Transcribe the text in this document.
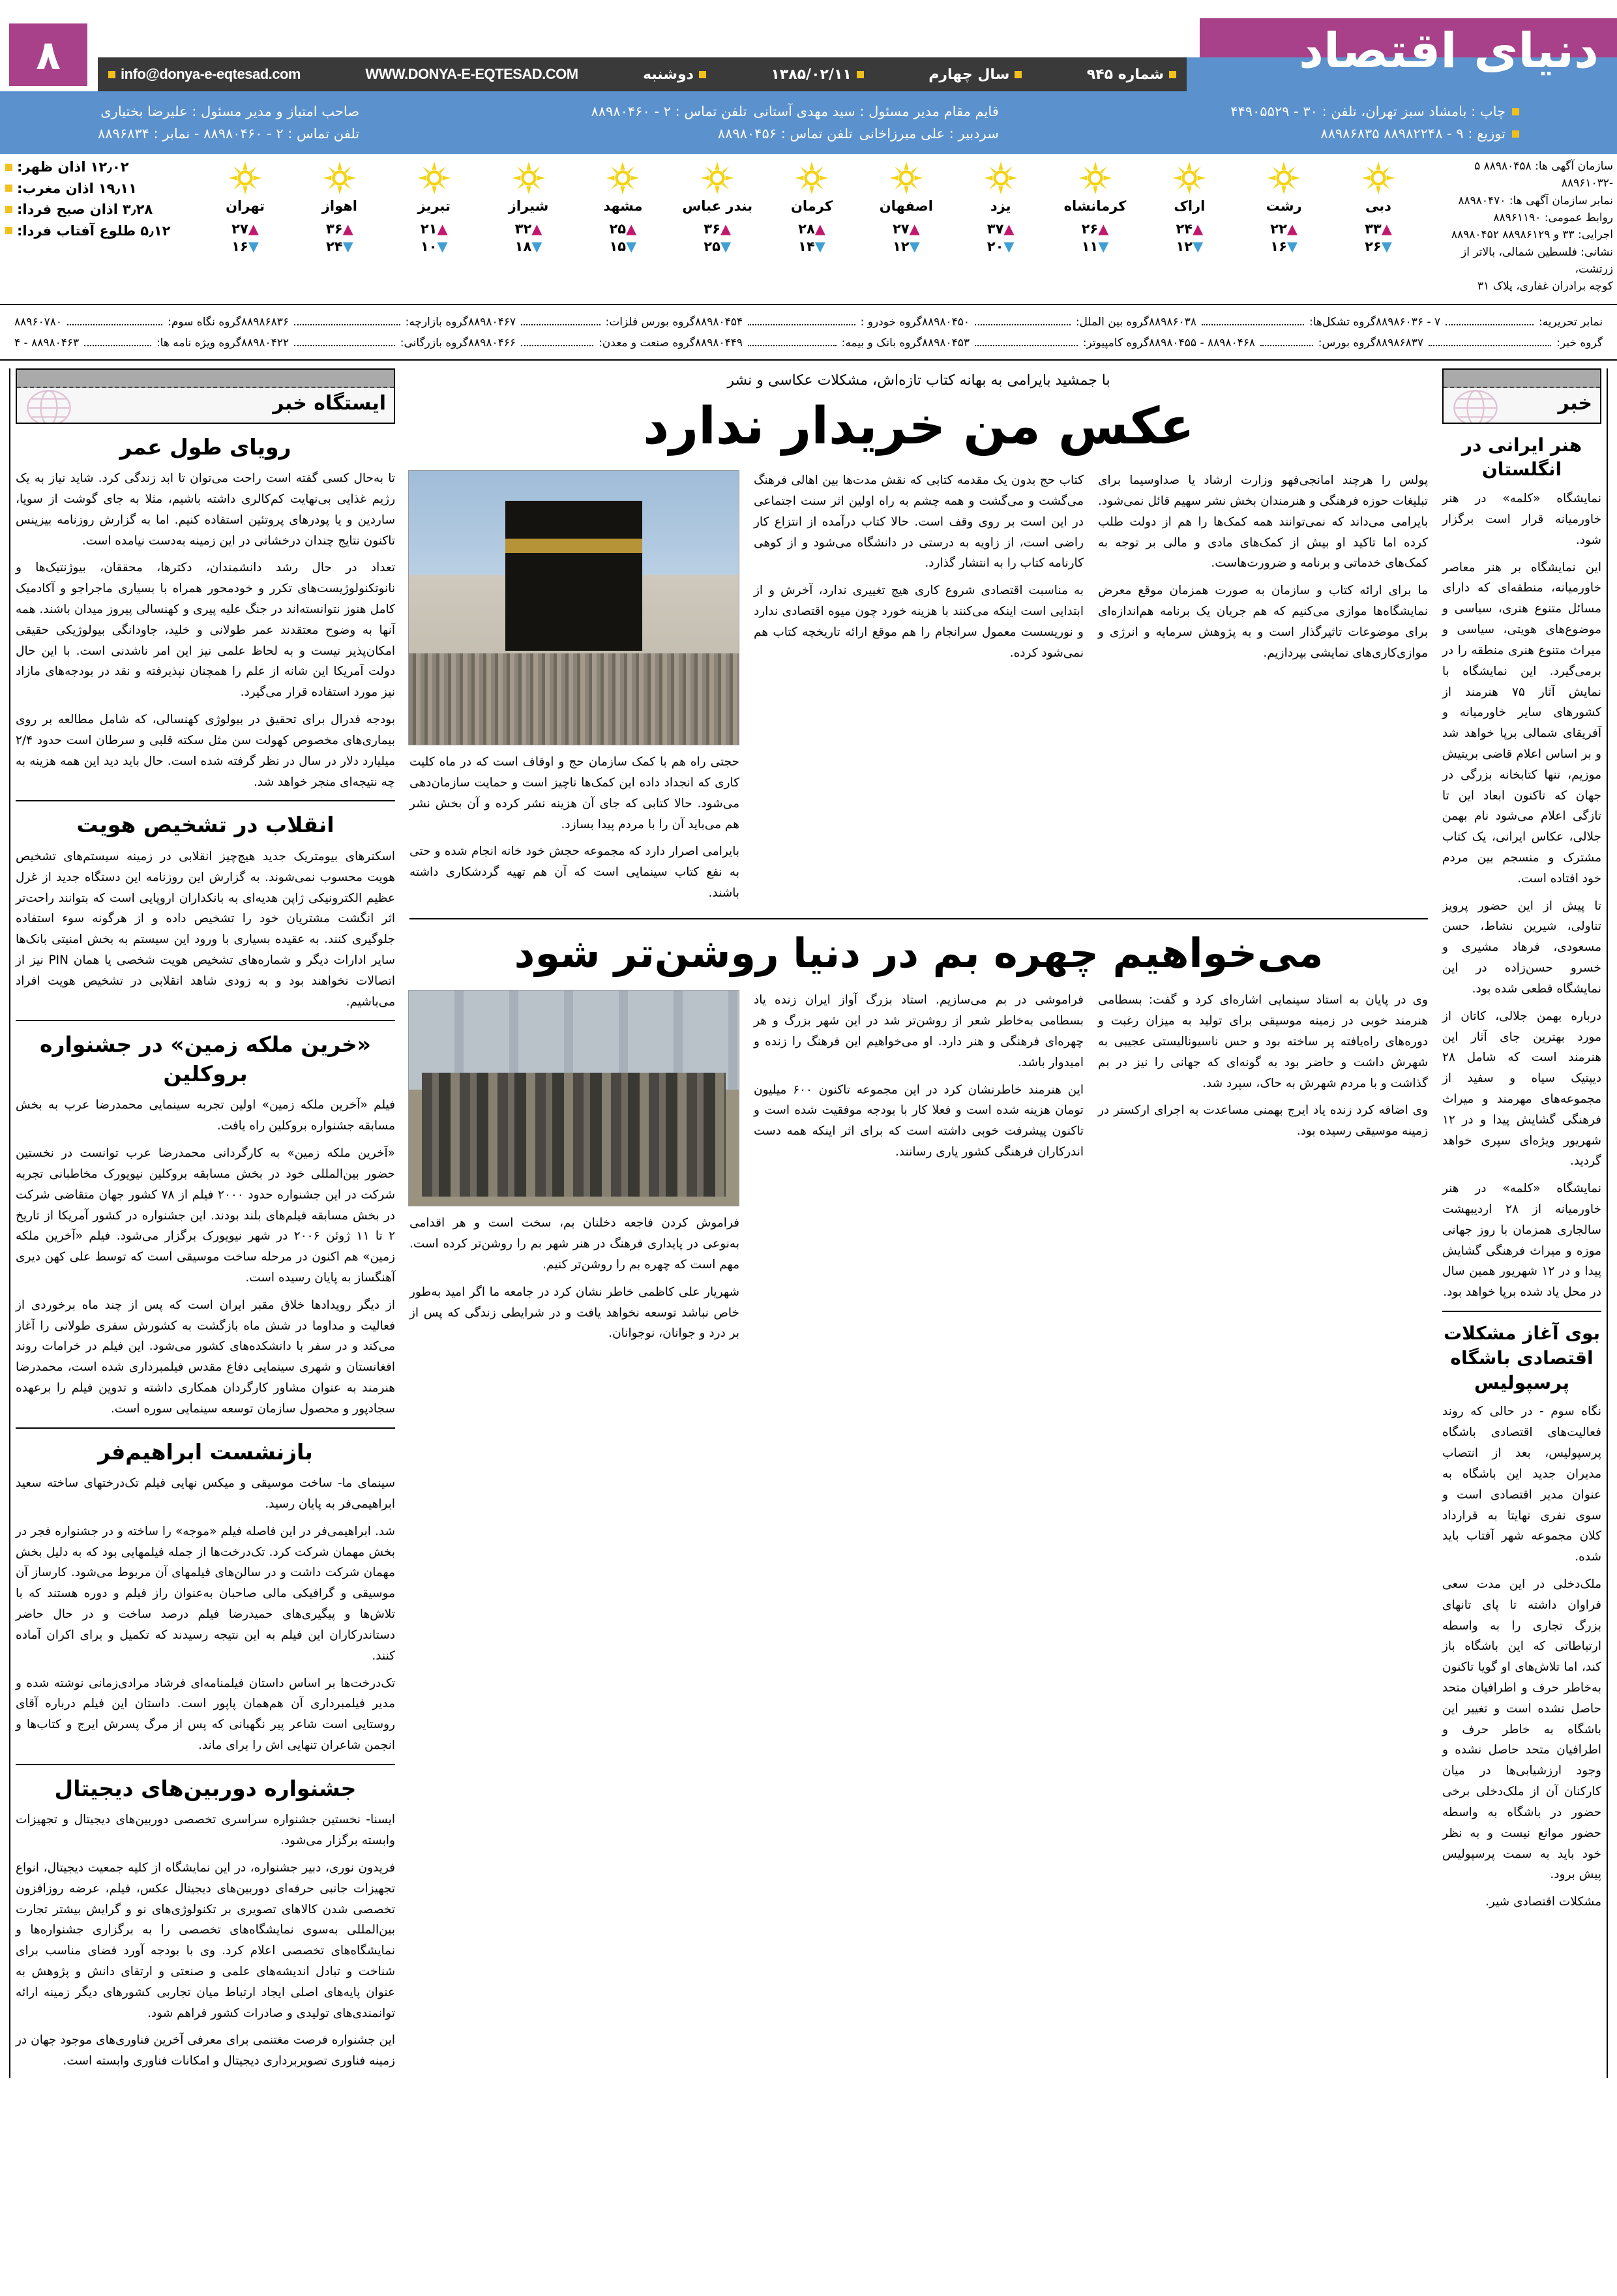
دنیای اقتصاد
۸	شماره ۹۴۵
سال چهارم
۱۳۸۵/۰۲/۱۱
دوشنبه
WWW.DONYA-E-EQTESAD.COM
info@donya-e-eqtesad.com
چاپ : بامشاد سبز تهران، تلفن : ۳۰ - ۴۴۹۰۵۵۲۹
توزیع : ۹ - ۸۸۹۸۲۲۴۸ ۸۸۹۸۶۸۳۵
قایم مقام مدیر مسئول : سید مهدی آستانی
تلفن تماس : ۲ - ۸۸۹۸۰۴۶۰
سردبیر : علی میرزاخانی
تلفن تماس : ۸۸۹۸۰۴۵۶
صاحب امتیاز و مدیر مسئول : علیرضا بختیاری
تلفن تماس : ۲ - ۸۸۹۸۰۴۶۰ - نمابر : ۸۸۹۶۸۳۴
سازمان آگهی ها: ۸۸۹۸۰۴۵۸ ۵ -۸۸۹۶۱۰۳۲
نمابر سازمان آگهی ها: ۸۸۹۸۰۴۷۰
روابط عمومی: ۸۸۹۶۱۱۹۰
اجرایی: ۳۳ و ۸۸۹۸۶۱۲۹ ۸۸۹۸۰۴۵۲
نشانی: فلسطین شمالی، بالاتر از زرتشت،
کوچه برادران غفاری، پلاک ۳۱
تهران
▲۲۷
▼۱۶
اهواز
▲۳۶
▼۲۴
تبریز
▲۲۱
▼۱۰
شیراز
▲۳۲
▼۱۸
مشهد
▲۲۵
▼۱۵
بندر عباس
▲۳۶
▼۲۵
کرمان
▲۲۸
▼۱۴
اصفهان
▲۲۷
▼۱۲
یزد
▲۳۷
▼۲۰
کرمانشاه
▲۲۶
▼۱۱
اراک
▲۲۴
▼۱۲
رشت
▲۲۲
▼۱۶
دبی
▲۳۳
▼۲۶
۱۲٫۰۲
اذان ظهر:
۱۹٫۱۱
اذان مغرب:
۳٫۲۸
اذان صبح فردا:
۵٫۱۲
طلوع آفتاب فردا:
نمابر تحریریه:
۸۸۹۸۶۰۳۶ - ۷
گروه تشکل‌ها:
۸۸۹۸۶۰۳۸
گروه بین الملل:
۸۸۹۸۰۴۵۰
گروه خودرو :
۸۸۹۸۰۴۵۴
گروه بورس فلزات:
۸۸۹۸۰۴۶۷
گروه بازارچه:
۸۸۹۸۶۸۳۶
گروه نگاه سوم:
۸۸۹۶۰۷۸۰
گروه خبر:
۸۸۹۸۶۸۳۷
گروه بورس:
۸۸۹۸۰۴۵۵ - ۸۸۹۸۰۴۶۸
گروه کامپیوتر:
۸۸۹۸۰۴۵۳
گروه بانک و بیمه:
۸۸۹۸۰۴۴۹
گروه صنعت و معدن:
۸۸۹۸۰۴۶۶
گروه بازرگانی:
۸۸۹۸۰۴۲۲
گروه ویژه نامه ها:
۴ - ۸۸۹۸۰۴۶۳
خبر
هنر ایرانی در انگلستان

نمایشگاه «کلمه» در هنر خاورمیانه قرار است برگزار شود.

این نمایشگاه بر هنر معاصر خاورمیانه، منطقه‌ای که دارای مسائل متنوع هنری، سیاسی و موضوع‌های هویتی، سیاسی و میراث متنوع هنری منطقه را در برمی‌گیرد. این نمایشگاه با نمایش آثار ۷۵ هنرمند از کشورهای سایر خاورمیانه و آفریقای شمالی برپا خواهد شد و بر اساس اعلام قاضی بریتیش موزیم، تنها کتابخانه بزرگی در جهان که تاکنون ابعاد این تا تازگی اعلام می‌شود نام بهمن جلالی، عکاس ایرانی، یک کتاب مشترک و منسجم بین مردم خود افتاده است.

تا پیش از این حضور پرویز تناولی، شیرین نشاط، حسن مسعودی، فرهاد مشیری و خسرو حسن‌زاده در این نمایشگاه قطعی شده بود.

درباره بهمن جلالی، کاتان از مورد بهترین جای آثار این هنرمند است که شامل ۲۸ دیپتیک سیاه و سفید از مجموعه‌های مهرمند و میراث فرهنگی گشایش پیدا و در ۱۲ شهریور ویژه‌ای سپری خواهد گردید.

نمایشگاه «کلمه» در هنر خاورمیانه از ۲۸ اردیبهشت سالجاری همزمان با روز جهانی موزه و میراث فرهنگی گشایش پیدا و در ۱۲ شهریور همین سال در محل یاد شده برپا خواهد بود.

بوی آغاز مشکلات اقتصادی باشگاه پرسپولیس

نگاه سوم - در حالی که روند فعالیت‌های اقتصادی باشگاه پرسپولیس، بعد از انتصاب مدیران جدید این باشگاه به عنوان مدیر اقتصادی است و سوی نفری نهایتا به قرارداد کلان مجموعه شهر آفتاب باید شده.

ملک‌دخلی در این مدت سعی فراوان داشته تا پای تانهای بزرگ تجاری را به واسطه ارتباطاتی که این باشگاه باز کند، اما تلاش‌های او گویا تاکنون به‌خاطر حرف و اطرافیان متحد حاصل نشده است و تغییر این باشگاه به خاطر حرف و اطرافیان متحد حاصل نشده و وجود ارزشیابی‌ها در میان کارکنان آن از ملک‌دخلی برخی حضور در باشگاه به واسطه حضور موانع نیست و به نظر خود باید به سمت پرسپولیس پیش برود.

مشکلات اقتصادی شیر.

با جمشید بایرامی به بهانه کتاب تازه‌اش، مشکلات عکاسی و نشر
عکس من خریدار ندارد

پولس را هرچند امانجی‌فهو وزارت ارشاد یا صداوسیما برای تبلیغات حوزه فرهنگی و هنرمندان بخش نشر سهیم قائل نمی‌شود. بایرامی می‌داند که نمی‌توانند همه کمک‌ها را هم از دولت طلب کرده اما تاکید او بیش از کمک‌های مادی و مالی بر توجه به کمک‌های خدماتی و برنامه و ضرورت‌هاست.

ما برای ارائه کتاب و سازمان به صورت همزمان موقع معرض نمایشگاه‌ها موازی می‌کنیم که هم جریان یک برنامه هم‌اندازه‌ای برای موضوعات تاثیرگذار است و به پژوهش سرمایه و انرژی و موازی‌کاری‌های نمایشی بپردازیم.

کتاب حج بدون یک مقدمه کتابی که نقش مدت‌ها بین اهالی فرهنگ می‌گشت و می‌گشت و همه چشم به راه اولین اثر سنت اجتماعی در این است بر روی وقف است. حالا کتاب درآمده از انتزاع کار راضی است، از زاویه به درستی در دانشگاه می‌شود و از کوهی کارنامه کتاب را به انتشار گذارد.

به مناسبت اقتصادی شروع کاری هیچ تغییری ندارد، آخرش و از ابتدایی است اینکه می‌کنند با هزینه خورد چون میوه اقتصادی ندارد و نوریسست معمول سرانجام را هم موقع ارائه تاریخچه کتاب هم نمی‌شود کرده.

حجتی راه هم با کمک سازمان حج و اوقاف است که در ماه کلیت کاری که انجداد داده این کمک‌ها ناچیز است و حمایت سازمان‌دهی می‌شود. حالا کتابی که جای آن هزینه نشر کرده و آن بخش نشر هم می‌باید آن را با مردم پیدا بسازد.

بایرامی اصرار دارد که مجموعه حجش خود خانه انجام شده و حتی به نفع کتاب سینمایی است که آن هم تهیه گردشکاری داشته باشند.

می‌خواهیم چهره بم در دنیا روشن‌تر شود

وی در پایان به استاد سینمایی اشاره‌ای کرد و گفت: بسطامی هنرمند خوبی در زمینه موسیقی برای تولید به میزان رغبت و دوره‌های راه‌یافته پر ساخته بود و حس ناسیونالیستی عجیبی به شهرش داشت و حاضر بود به گونه‌ای که جهانی را نیز در بم گذاشت و با مردم شهرش به حاک، سپرد شد.

وی اضافه کرد زنده یاد ایرج بهمنی مساعدت به اجرای ارکستر در زمینه موسیقی رسیده بود.

فراموشی در بم می‌سازیم. استاد بزرگ آواز ایران زنده یاد بسطامی به‌خاطر شعر از روشن‌تر شد در این شهر بزرگ و هر چهره‌ای فرهنگی و هنر دارد. او می‌خواهیم این فرهنگ را زنده و امیدوار باشد.

این هنرمند خاطرنشان کرد در این مجموعه تاکنون ۶۰۰ میلیون تومان هزینه شده است و فعلا کار با بودجه موفقیت شده است و تاکنون پیشرفت خوبی داشته است که برای اثر اینکه همه دست اندرکاران فرهنگی کشور یاری رسانند.

فراموش کردن فاجعه دخلنان بم، سخت است و هر اقدامی به‌نوعی در پایداری فرهنگ در هنر شهر بم را روشن‌تر کرده است. مهم است که چهره بم را روشن‌تر کنیم.

شهریار علی کاظمی خاطر نشان کرد در جامعه ما اگر امید به‌طور خاص نباشد توسعه نخواهد یافت و در شرایطی زندگی که پس از بر درد و جوانان، نوجوانان.

ایستگاه خبر
رویای طول عمر

تا به‌حال کسی گفته است راحت می‌توان تا ابد زندگی کرد. شاید نیاز به یک رژیم غذایی بی‌نهایت کم‌کالری داشته باشیم، مثلا به جای گوشت از سویا، ساردین و یا پودرهای پروتئین استفاده کنیم. اما به گزارش روزنامه بیزینس تاکنون نتایج چندان درخشانی در این زمینه به‌دست نیامده است.

تعداد در حال رشد دانشمندان، دکترها، محققان، بیوژنتیک‌ها و نانوتکنولوژیست‌های تکرر و خودمحور همراه با بسیاری ماجراجو و آکادمیک کامل هنوز نتوانسته‌اند در جنگ علیه پیری و کهنسالی پیروز میدان باشند. همه آنها به وضوح معتقدند عمر طولانی و خلید، جاودانگی بیولوژیکی حقیقی امکان‌پذیر نیست و به لحاظ علمی نیز این امر ناشدنی است. با این حال دولت آمریکا این شانه از علم را همچنان نپذیرفته و نقد در بودجه‌های مازاد نیز مورد استفاده قرار می‌گیرد.

بودجه فدرال برای تحقیق در بیولوژی کهنسالی، که شامل مطالعه بر روی بیماری‌های مخصوص کهولت سن مثل سکته قلبی و سرطان است حدود ۲/۴ میلیارد دلار در سال در نظر گرفته شده است. حال باید دید این همه هزینه به چه نتیجه‌ای منجر خواهد شد.

انقلاب در تشخیص هویت

اسکنرهای بیومتریک جدید هیچ‌چیز انقلابی در زمینه سیستم‌های تشخیص هویت محسوب نمی‌شوند. به گزارش این روزنامه این دستگاه جدید از غرل عظیم الکترونیکی ژاپن هدیه‌ای به بانکداران اروپایی است که بتوانند راحت‌تر اثر انگشت مشتریان خود را تشخیص داده و از هرگونه سوء استفاده جلوگیری کنند. به عقیده بسیاری با ورود این سیستم به بخش امنیتی بانک‌ها سایر ادارات دیگر و شماره‌های تشخیص هویت شخصی یا همان PIN نیز از اتصالات نخواهند بود و به زودی شاهد انقلابی در تشخیص هویت افراد می‌باشیم.

«خرین ملکه زمین» در جشنواره بروکلین

فیلم «آخرین ملکه زمین» اولین تجربه سینمایی محمدرضا عرب به بخش مسابقه جشنواره بروکلین راه یافت.

«آخرین ملکه زمین» به کارگردانی محمدرضا عرب توانست در نخستین حضور بین‌المللی خود در بخش مسابقه بروکلین نیویورک مخاطبانی تجربه شرکت در این جشنواره حدود ۲۰۰۰ فیلم از ۷۸ کشور جهان متقاضی شرکت در بخش مسابقه فیلم‌های بلند بودند. این جشنواره در کشور آمریکا از تاریخ ۲ تا ۱۱ ژوئن ۲۰۰۶ در شهر نیویورک برگزار می‌شود. فیلم «آخرین ملکه زمین» هم اکنون در مرحله ساخت موسیقی است که توسط علی کهن دیری آهنگساز به پایان رسیده است.

از دیگر رویدادها خلاق مقبر ایران است که پس از چند ماه برخوردی از فعالیت و مداوما در شش ماه بازگشت به کشورش سفری طولانی را آغاز می‌کند و در سفر با دانشکده‌های کشور می‌شود. این فیلم در خرامات روند افغانستان و شهری سینمایی دفاع مقدس فیلمبرداری شده است، محمدرضا هنرمند به عنوان مشاور کارگردان همکاری داشته و تدوین فیلم را برعهده سجادپور و محصول سازمان توسعه سینمایی سوره است.

بازنشست ابراهیم‌فر

سینمای ما- ساخت موسیقی و میکس نهایی فیلم تک‌درختهای ساخته سعید ابراهیمی‌فر به پایان رسید.

شد. ابراهیمی‌فر در این فاصله فیلم «موجه» را ساخته و در جشنواره فجر در بخش مهمان شرکت کرد. تک‌درخت‌ها از جمله فیلمهایی بود که به دلیل بخش مهمان شرکت داشت و در سالن‌های فیلمهای آن مربوط می‌شود. کارساز آن موسیقی و گرافیکی مالی صاحبان به‌عنوان راز فیلم و دوره هستند که با تلاش‌ها و پیگیری‌های حمیدرضا فیلم درصد ساخت و در حال حاضر دستاندرکاران این فیلم به این نتیجه رسیدند که تکمیل و برای اکران آماده کنند.

تک‌درخت‌ها بر اساس داستان فیلمنامه‌ای فرشاد مرادی‌زمانی نوشته شده و مدیر فیلمبرداری آن هم‌همان پاپور است. داستان این فیلم درباره آقای روستایی است شاعر پیر نگهبانی که پس از مرگ پسرش ایرج و کتاب‌ها و انجمن شاعران تنهایی اش را برای ماند.

جشنواره دوربین‌های دیجیتال

ایسنا- نخستین جشنواره سراسری تخصصی دوربین‌های دیجیتال و تجهیزات وابسته برگزار می‌شود.

فریدون نوری، دبیر جشنواره، در این نمایشگاه از کلیه جمعیت دیجیتال، انواع تجهیزات جانبی حرفه‌ای دوربین‌های دیجیتال عکس، فیلم، عرضه روزافزون تخصصی شدن کالاهای تصویری بر تکنولوژی‌های نو و گرایش بیشتر تجارت بین‌المللی به‌سوی نمایشگاه‌های تخصصی را به برگزاری جشنواره‌ها و نمایشگاه‌های تخصصی اعلام کرد. وی با بودجه آورد فضای مناسب برای شناخت و تبادل اندیشه‌های علمی و صنعتی و ارتقای دانش و پژوهش به عنوان پایه‌های اصلی ایجاد ارتباط میان تجاربی کشورهای دیگر زمینه ارائه توانمندی‌های تولیدی و صادرات کشور فراهم شود.

این جشنواره فرصت مغتنمی برای معرفی آخرین فناوری‌های موجود جهان در زمینه فناوری تصویربرداری دیجیتال و امکانات فناوری وابسته است.
